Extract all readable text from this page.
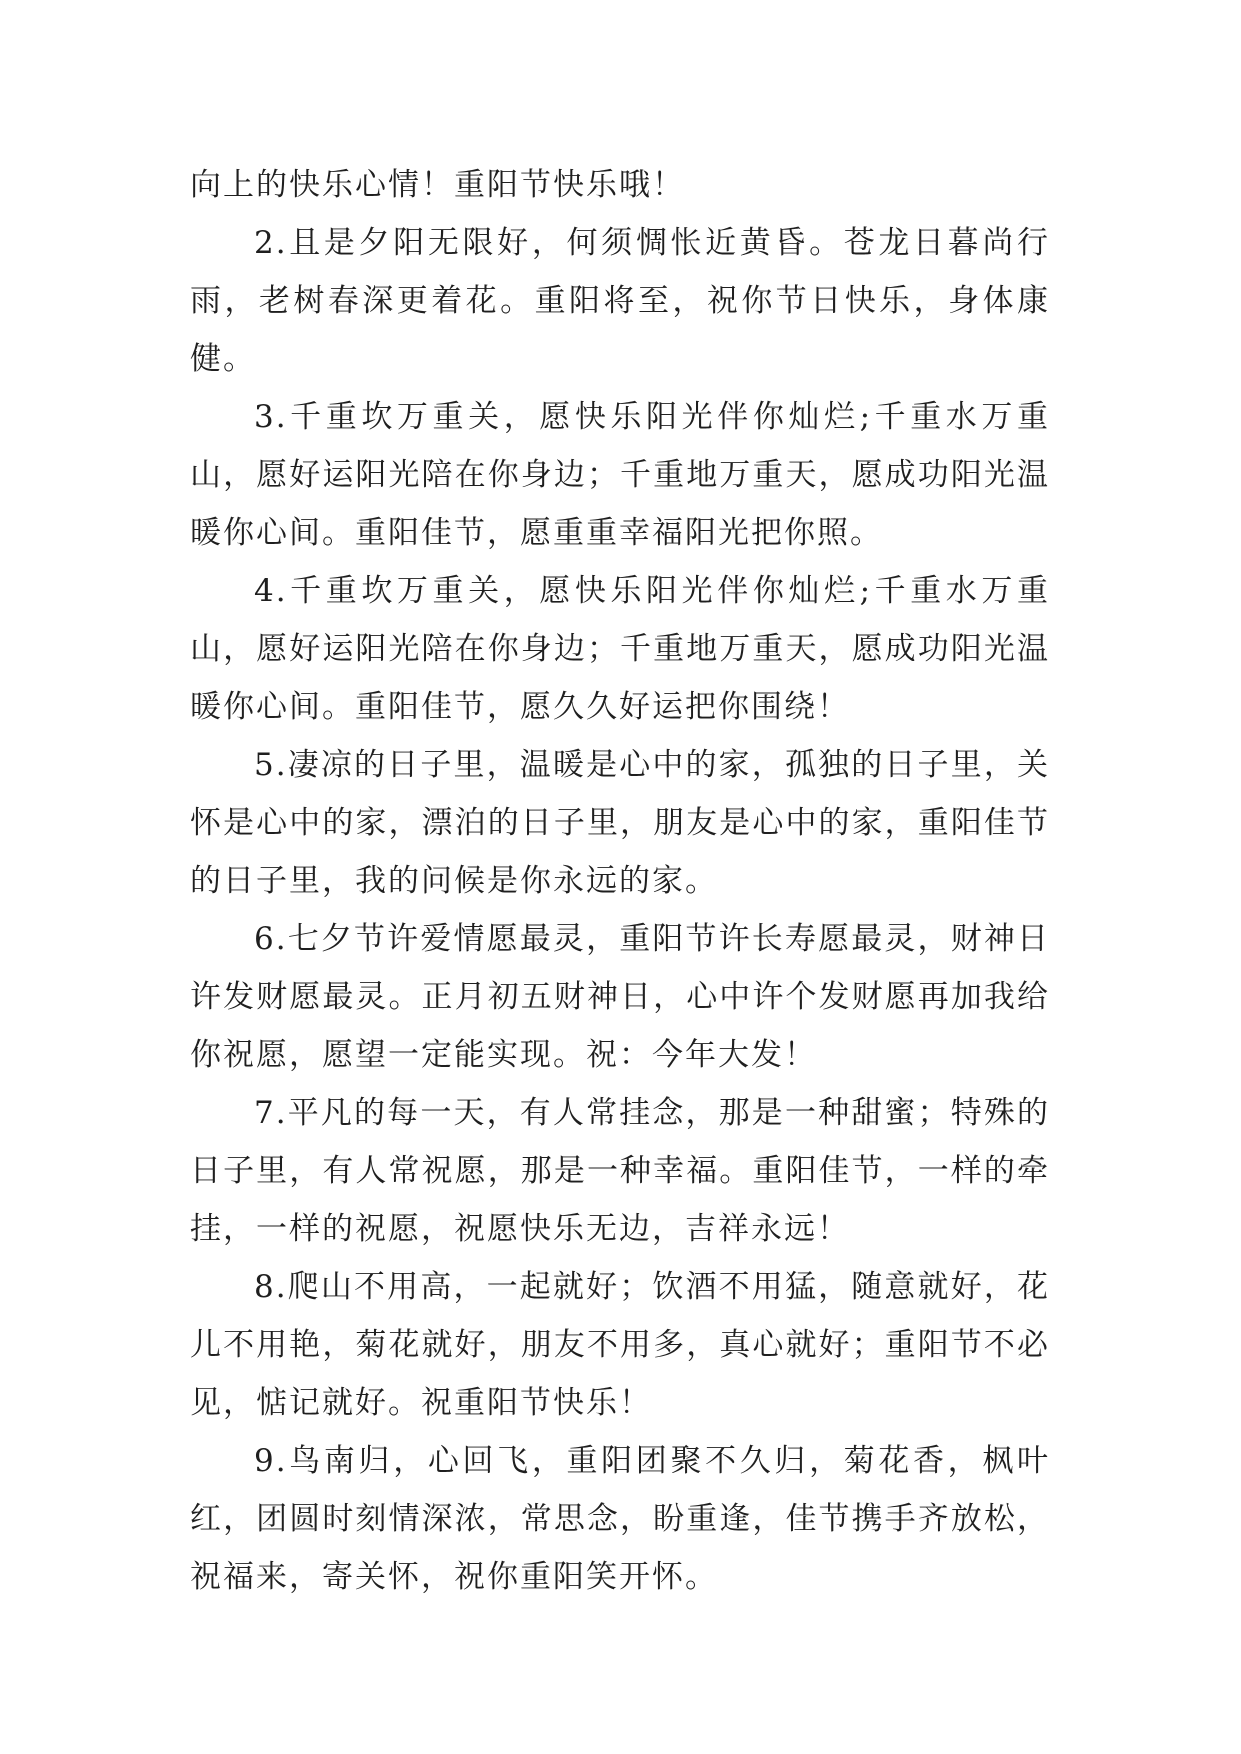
向上的快乐心情！重阳节快乐哦！

2.且是夕阳无限好，何须惆怅近黄昏。苍龙日暮尚行雨，老树春深更着花。重阳将至，祝你节日快乐，身体康健。

3.千重坎万重关，愿快乐阳光伴你灿烂;千重水万重山，愿好运阳光陪在你身边；千重地万重天，愿成功阳光温暖你心间。重阳佳节，愿重重幸福阳光把你照。

4.千重坎万重关，愿快乐阳光伴你灿烂;千重水万重山，愿好运阳光陪在你身边；千重地万重天，愿成功阳光温暖你心间。重阳佳节，愿久久好运把你围绕！

5.凄凉的日子里，温暖是心中的家，孤独的日子里，关怀是心中的家，漂泊的日子里，朋友是心中的家，重阳佳节的日子里，我的问候是你永远的家。

6.七夕节许爱情愿最灵，重阳节许长寿愿最灵，财神日许发财愿最灵。正月初五财神日，心中许个发财愿再加我给你祝愿，愿望一定能实现。祝：今年大发！

7.平凡的每一天，有人常挂念，那是一种甜蜜；特殊的日子里，有人常祝愿，那是一种幸福。重阳佳节，一样的牵挂，一样的祝愿，祝愿快乐无边，吉祥永远！

8.爬山不用高，一起就好；饮酒不用猛，随意就好，花儿不用艳，菊花就好，朋友不用多，真心就好；重阳节不必见，惦记就好。祝重阳节快乐！

9.鸟南归，心回飞，重阳团聚不久归，菊花香，枫叶红，团圆时刻情深浓，常思念，盼重逢，佳节携手齐放松，祝福来，寄关怀，祝你重阳笑开怀。
